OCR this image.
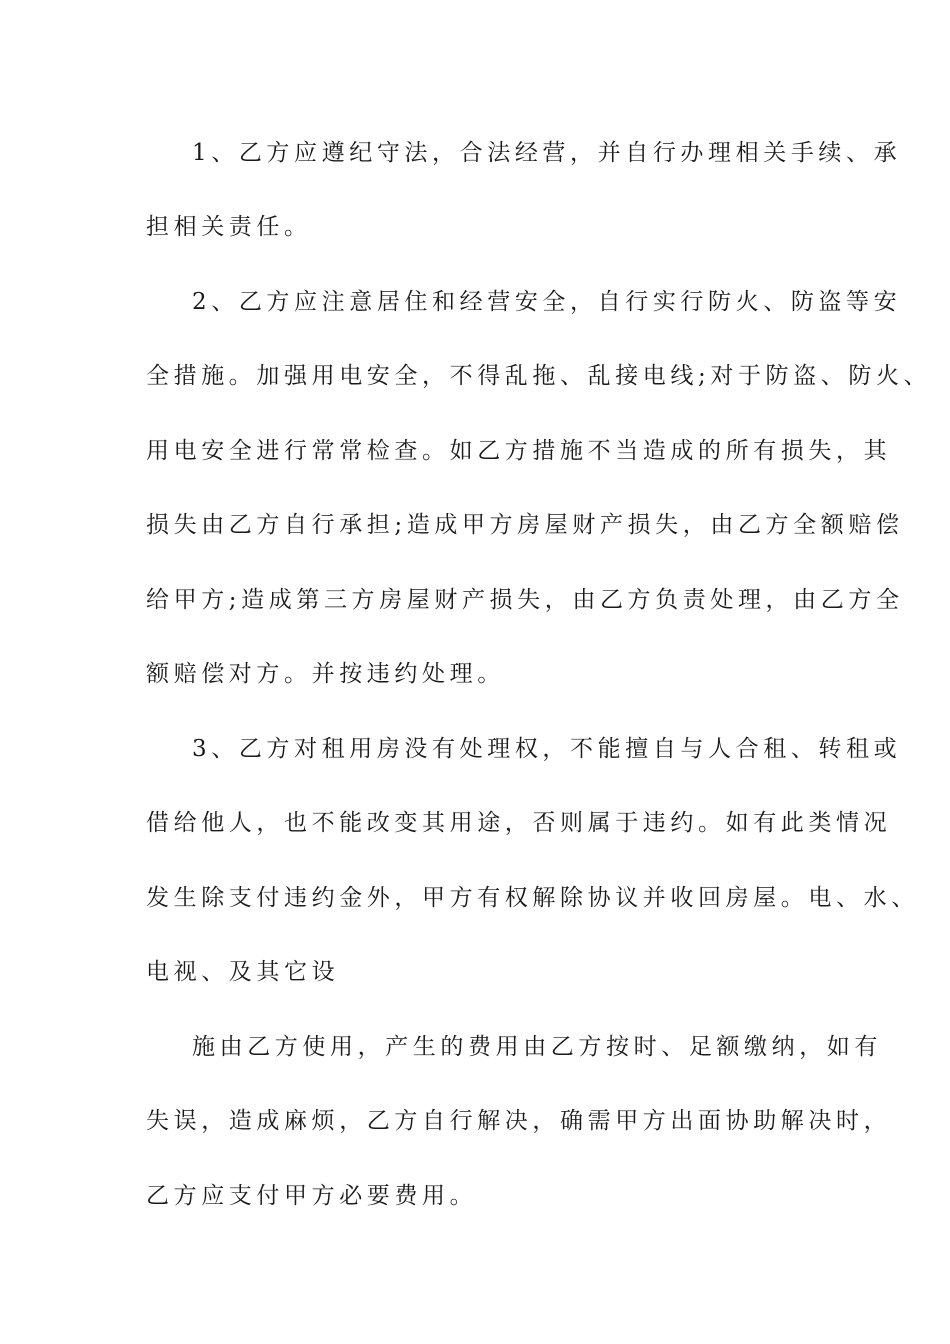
1、乙方应遵纪守法，合法经营，并自行办理相关手续、承

担相关责任。

2、乙方应注意居住和经营安全，自行实行防火、防盗等安

全措施。加强用电安全，不得乱拖、乱接电线;对于防盗、防火、

用电安全进行常常检查。如乙方措施不当造成的所有损失，其

损失由乙方自行承担;造成甲方房屋财产损失，由乙方全额赔偿

给甲方;造成第三方房屋财产损失，由乙方负责处理，由乙方全

额赔偿对方。并按违约处理。

3、乙方对租用房没有处理权，不能擅自与人合租、转租或

借给他人，也不能改变其用途，否则属于违约。如有此类情况

发生除支付违约金外，甲方有权解除协议并收回房屋。电、水、

电视、及其它设

施由乙方使用，产生的费用由乙方按时、足额缴纳，如有

失误，造成麻烦，乙方自行解决，确需甲方出面协助解决时，

乙方应支付甲方必要费用。
